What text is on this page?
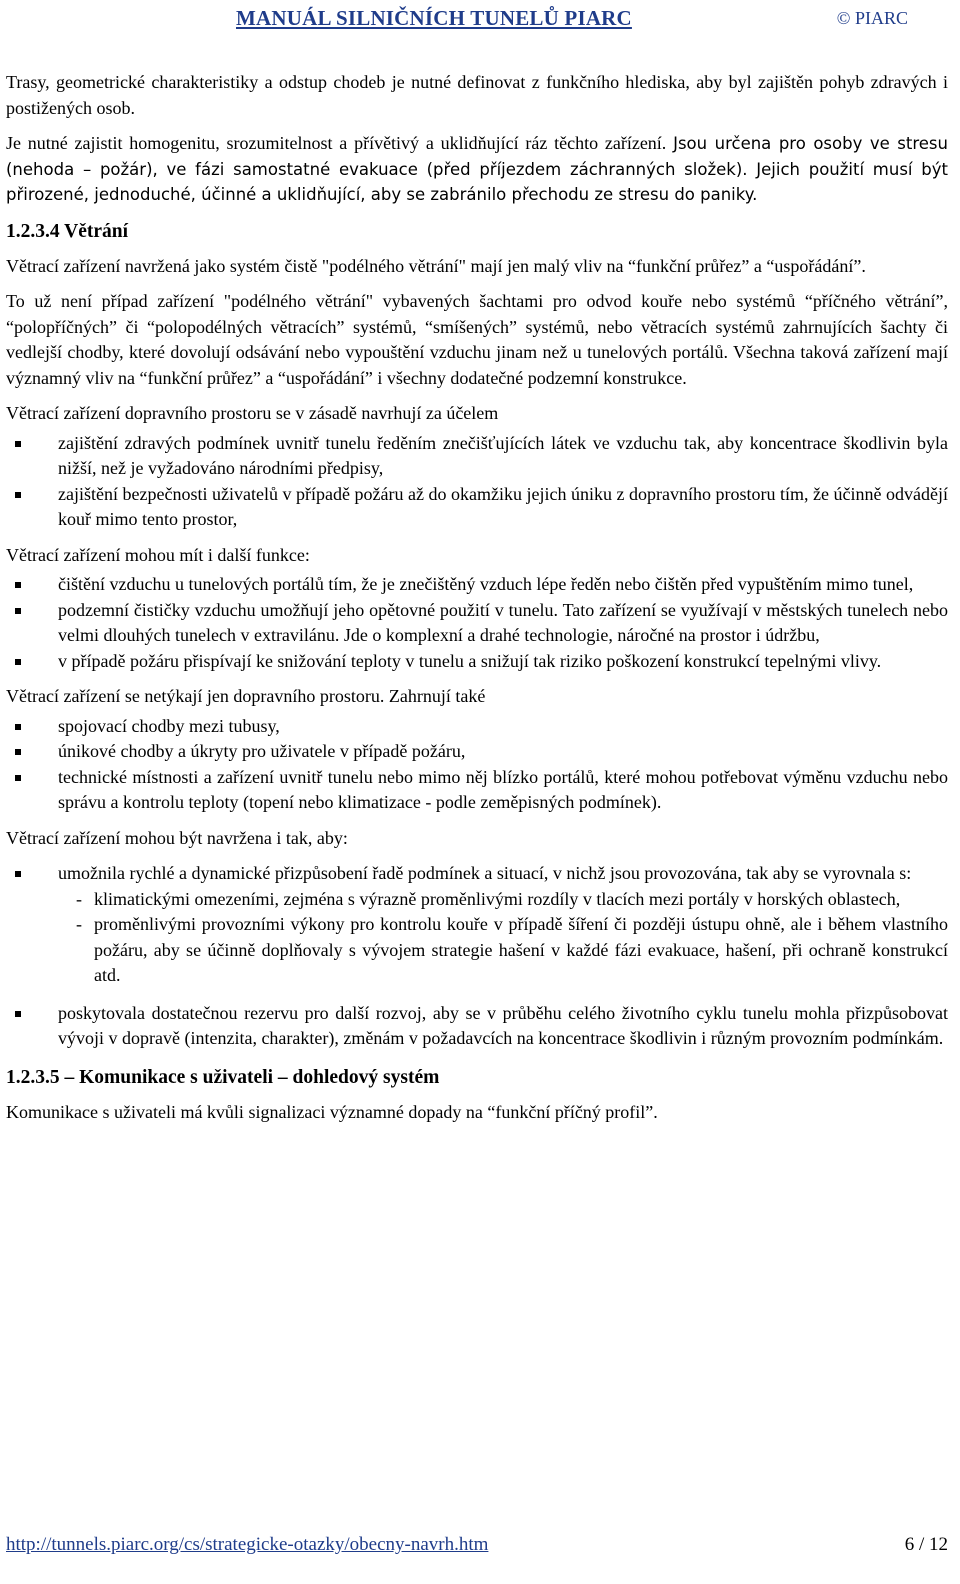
MANUÁL SILNIČNÍCH TUNELŮ PIARC	© PIARC

Trasy, geometrické charakteristiky a odstup chodeb je nutné definovat z funkčního hlediska, aby byl zajištěn pohyb zdravých i postižených osob.

Je nutné zajistit homogenitu, srozumitelnost a přívětivý a uklidňující ráz těchto zařízení. Jsou určena pro osoby ve stresu (nehoda – požár), ve fázi samostatné evakuace (před příjezdem záchranných složek). Jejich použití musí být přirozené, jednoduché, účinné a uklidňující, aby se zabránilo přechodu ze stresu do paniky.

1.2.3.4 Větrání

Větrací zařízení navržená jako systém čistě "podélného větrání" mají jen malý vliv na “funkční průřez” a “uspořádání”.

To už není případ zařízení "podélného větrání" vybavených šachtami pro odvod kouře nebo systémů “příčného větrání”, “polopříčných” či “polopodélných větracích” systémů, “smíšených” systémů, nebo větracích systémů zahrnujících šachty či vedlejší chodby, které dovolují odsávání nebo vypouštění vzduchu jinam než u tunelových portálů. Všechna taková zařízení mají významný vliv na “funkční průřez” a “uspořádání” i všechny dodatečné podzemní konstrukce.

Větrací zařízení dopravního prostoru se v zásadě navrhují za účelem

zajištění zdravých podmínek uvnitř tunelu ředěním znečišťujících látek ve vzduchu tak, aby koncentrace škodlivin byla nižší, než je vyžadováno národními předpisy,
zajištění bezpečnosti uživatelů v případě požáru až do okamžiku jejich úniku z dopravního prostoru tím, že účinně odvádějí kouř mimo tento prostor,

Větrací zařízení mohou mít i další funkce:

čištění vzduchu u tunelových portálů tím, že je znečištěný vzduch lépe ředěn nebo čištěn před vypuštěním mimo tunel,
podzemní čističky vzduchu umožňují jeho opětovné použití v tunelu. Tato zařízení se využívají v městských tunelech nebo velmi dlouhých tunelech v extravilánu. Jde o komplexní a drahé technologie, náročné na prostor i údržbu,
v případě požáru přispívají ke snižování teploty v tunelu a snižují tak riziko poškození konstrukcí tepelnými vlivy.

Větrací zařízení se netýkají jen dopravního prostoru. Zahrnují také

spojovací chodby mezi tubusy,
únikové chodby a úkryty pro uživatele v případě požáru,
technické místnosti a zařízení uvnitř tunelu nebo mimo něj blízko portálů, které mohou potřebovat výměnu vzduchu nebo správu a kontrolu teploty (topení nebo klimatizace - podle zeměpisných podmínek).

Větrací zařízení mohou být navržena i tak, aby:

umožnila rychlé a dynamické přizpůsobení řadě podmínek a situací, v nichž jsou provozována, tak aby se vyrovnala s:
- klimatickými omezeními, zejména s výrazně proměnlivými rozdíly v tlacích mezi portály v horských oblastech,
- proměnlivými provozními výkony pro kontrolu kouře v případě šíření či později ústupu ohně, ale i během vlastního požáru, aby se účinně doplňovaly s vývojem strategie hašení v každé fázi evakuace, hašení, při ochraně konstrukcí atd.
poskytovala dostatečnou rezervu pro další rozvoj, aby se v průběhu celého životního cyklu tunelu mohla přizpůsobovat vývoji v dopravě (intenzita, charakter), změnám v požadavcích na koncentrace škodlivin i různým provozním podmínkám.
1.2.3.5 – Komunikace s uživateli – dohledový systém

Komunikace s uživateli má kvůli signalizaci významné dopady na “funkční příčný profil”.

http://tunnels.piarc.org/cs/strategicke-otazky/obecny-navrh.htm	6 / 12
